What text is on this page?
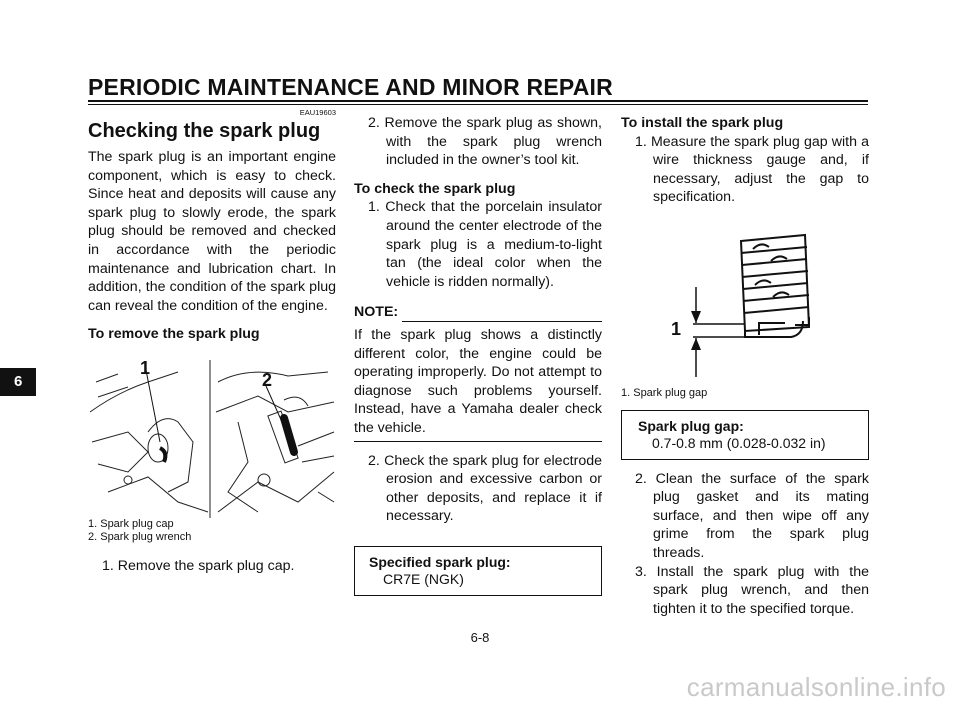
PERIODIC MAINTENANCE AND MINOR REPAIR
6
EAU19603
Checking the spark plug

The spark plug is an important engine component, which is easy to check. Since heat and deposits will cause any spark plug to slowly erode, the spark plug should be removed and checked in accordance with the periodic maintenance and lubrication chart. In addition, the condition of the spark plug can reveal the condition of the engine.

To remove the spark plug
1
2
1. Spark plug cap
2. Spark plug wrench

1. Remove the spark plug cap.

2. Remove the spark plug as shown, with the spark plug wrench included in the owner’s tool kit.

To check the spark plug

1. Check that the porcelain insulator around the center electrode of the spark plug is a medium-to-light tan (the ideal color when the vehicle is ridden normally).

NOTE:

If the spark plug shows a distinctly different color, the engine could be operating improperly. Do not attempt to diagnose such problems yourself. Instead, have a Yamaha dealer check the vehicle.

2. Check the spark plug for electrode erosion and excessive carbon or other deposits, and replace it if necessary.

Specified spark plug:
CR7E (NGK)
To install the spark plug

1. Measure the spark plug gap with a wire thickness gauge and, if necessary, adjust the gap to specification.

1
1. Spark plug gap
Spark plug gap:
0.7-0.8 mm (0.028-0.032 in)

2. Clean the surface of the spark plug gasket and its mating surface, and then wipe off any grime from the spark plug threads.

3. Install the spark plug with the spark plug wrench, and then tighten it to the specified torque.

6-8
carmanualsonline.info
